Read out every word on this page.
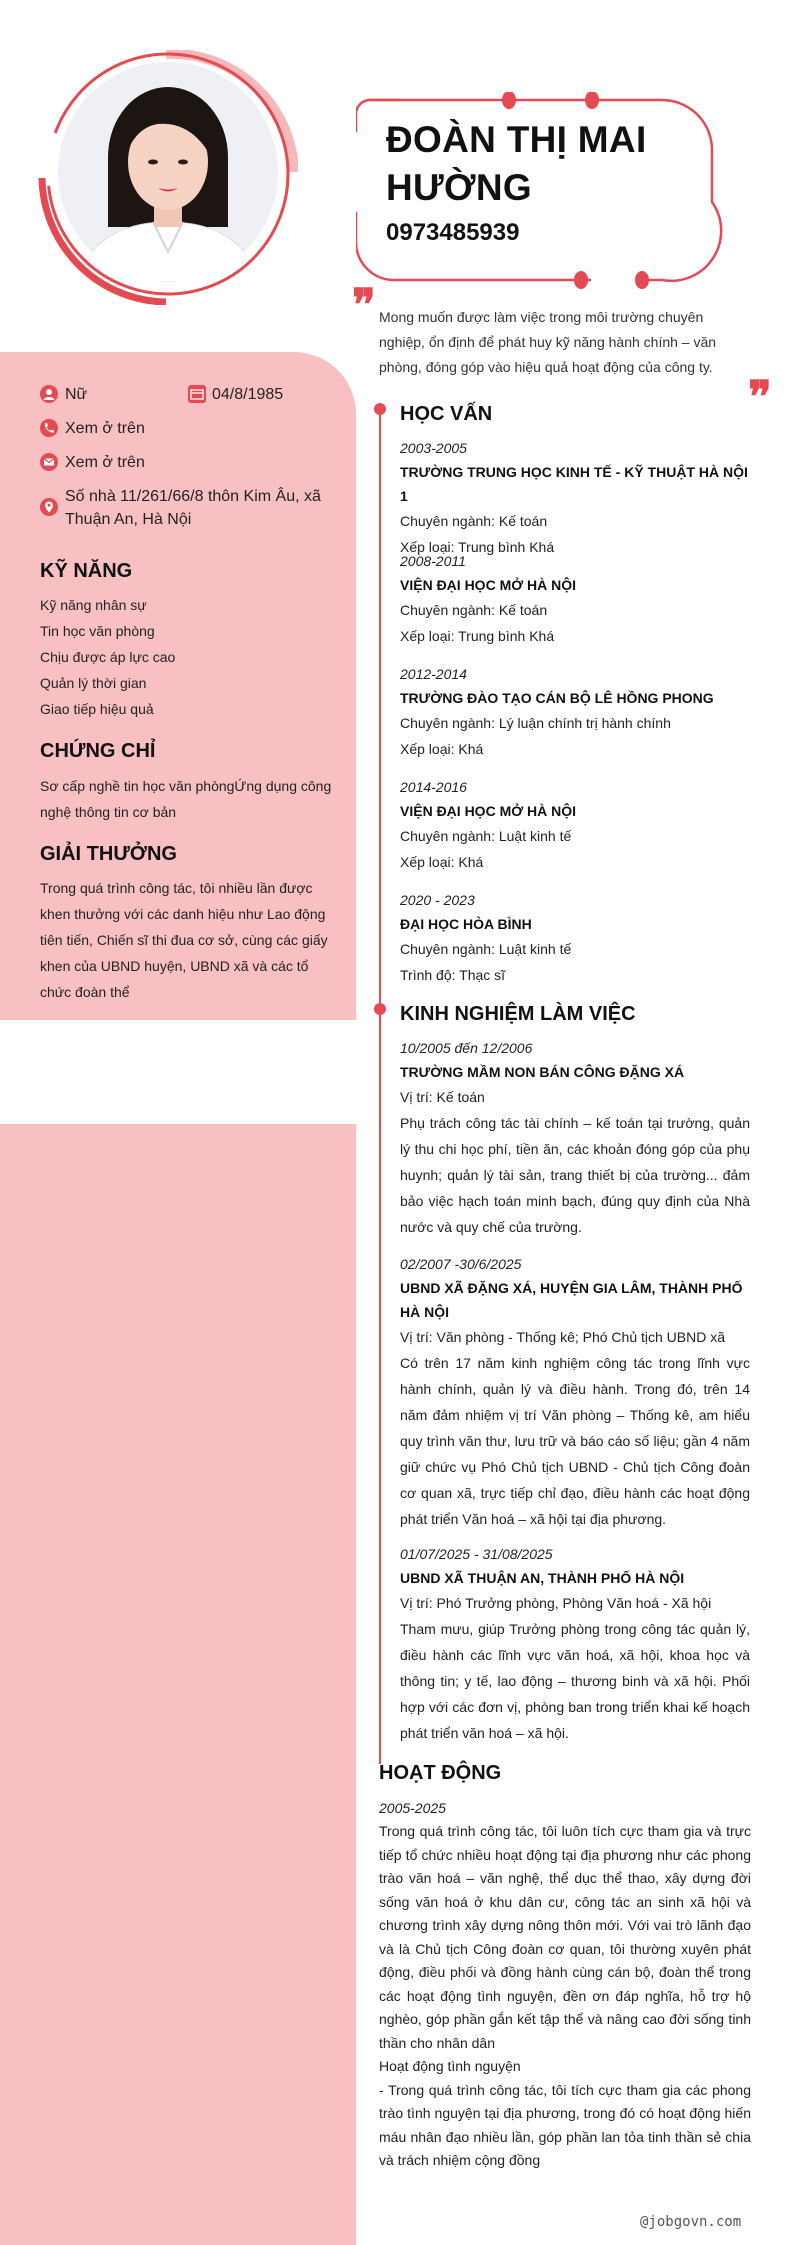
ĐOÀN THỊ MAI HƯỜNG
0973485939
❞ Mong muốn được làm việc trong môi trường chuyên nghiệp, ổn định để phát huy kỹ năng hành chính – văn phòng, đóng góp vào hiệu quả hoạt động của công ty.
❞
Nữ	04/8/1985
Xem ở trên
Xem ở trên
Số nhà 11/261/66/8 thôn Kim Âu, xã Thuận An, Hà Nội
KỸ NĂNG
Kỹ năng nhân sự
Tin học văn phòng
Chịu được áp lực cao
Quản lý thời gian
Giao tiếp hiệu quả
CHỨNG CHỈ
Sơ cấp nghề tin học văn phòngỨng dụng công nghệ thông tin cơ bản
GIẢI THƯỞNG
Trong quá trình công tác, tôi nhiều lần được khen thưởng với các danh hiệu như Lao động tiên tiến, Chiến sĩ thi đua cơ sở, cùng các giấy khen của UBND huyện, UBND xã và các tổ chức đoàn thể
HỌC VẤN
2003-2005
TRƯỜNG TRUNG HỌC KINH TẾ - KỸ THUẬT HÀ NỘI 1
Chuyên ngành: Kế toán
Xếp loại: Trung bình Khá
2008-2011
VIỆN ĐẠI HỌC MỞ HÀ NỘI
Chuyên ngành: Kế toán
Xếp loại: Trung bình Khá
2012-2014
TRƯỜNG ĐÀO TẠO CÁN BỘ LÊ HỒNG PHONG
Chuyên ngành: Lý luận chính trị hành chính
Xếp loại: Khá
2014-2016
VIỆN ĐẠI HỌC MỞ HÀ NỘI
Chuyên ngành: Luật kinh tế
Xếp loại: Khá
2020 - 2023
ĐẠI HỌC HÒA BÌNH
Chuyên ngành: Luật kinh tế
Trình độ: Thạc sĩ
KINH NGHIỆM LÀM VIỆC
10/2005 đến 12/2006
TRƯỜNG MẦM NON BÁN CÔNG ĐẶNG XÁ
Vị trí: Kế toán
Phụ trách công tác tài chính – kế toán tại trường, quản lý thu chi học phí, tiền ăn, các khoản đóng góp của phụ huynh; quản lý tài sản, trang thiết bị của trường... đảm bảo việc hạch toán minh bạch, đúng quy định của Nhà nước và quy chế của trường.
02/2007 -30/6/2025
UBND XÃ ĐẶNG XÁ, HUYỆN GIA LÂM, THÀNH PHỐ HÀ NỘI
Vị trí: Văn phòng - Thống kê; Phó Chủ tịch UBND xã
Có trên 17 năm kinh nghiệm công tác trong lĩnh vực hành chính, quản lý và điều hành. Trong đó, trên 14 năm đảm nhiệm vị trí Văn phòng – Thống kê, am hiểu quy trình văn thư, lưu trữ và báo cáo số liệu; gần 4 năm giữ chức vụ Phó Chủ tịch UBND - Chủ tịch Công đoàn cơ quan xã, trực tiếp chỉ đạo, điều hành các hoạt động phát triển Văn hoá – xã hội tại địa phương.
01/07/2025 - 31/08/2025
UBND XÃ THUẬN AN, THÀNH PHỐ HÀ NỘI
Vị trí: Phó Trưởng phòng, Phòng Văn hoá - Xã hội
Tham mưu, giúp Trưởng phòng trong công tác quản lý, điều hành các lĩnh vực văn hoá, xã hội, khoa học và thông tin; y tế, lao động – thương binh và xã hội. Phối hợp với các đơn vị, phòng ban trong triển khai kế hoạch phát triển văn hoá – xã hội.
HOẠT ĐỘNG
2005-2025
Trong quá trình công tác, tôi luôn tích cực tham gia và trực tiếp tổ chức nhiều hoạt động tại địa phương như các phong trào văn hoá – văn nghệ, thể dục thể thao, xây dựng đời sống văn hoá ở khu dân cư, công tác an sinh xã hội và chương trình xây dựng nông thôn mới. Với vai trò lãnh đạo và là Chủ tịch Công đoàn cơ quan, tôi thường xuyên phát động, điều phối và đồng hành cùng cán bộ, đoàn thể trong các hoạt động tình nguyện, đền ơn đáp nghĩa, hỗ trợ hộ nghèo, góp phần gắn kết tập thể và nâng cao đời sống tinh thần cho nhân dân
Hoạt động tình nguyện
- Trong quá trình công tác, tôi tích cực tham gia các phong trào tình nguyện tại địa phương, trong đó có hoạt động hiến máu nhân đạo nhiều lần, góp phần lan tỏa tinh thần sẻ chia và trách nhiệm cộng đồng
@jobgovn.com
